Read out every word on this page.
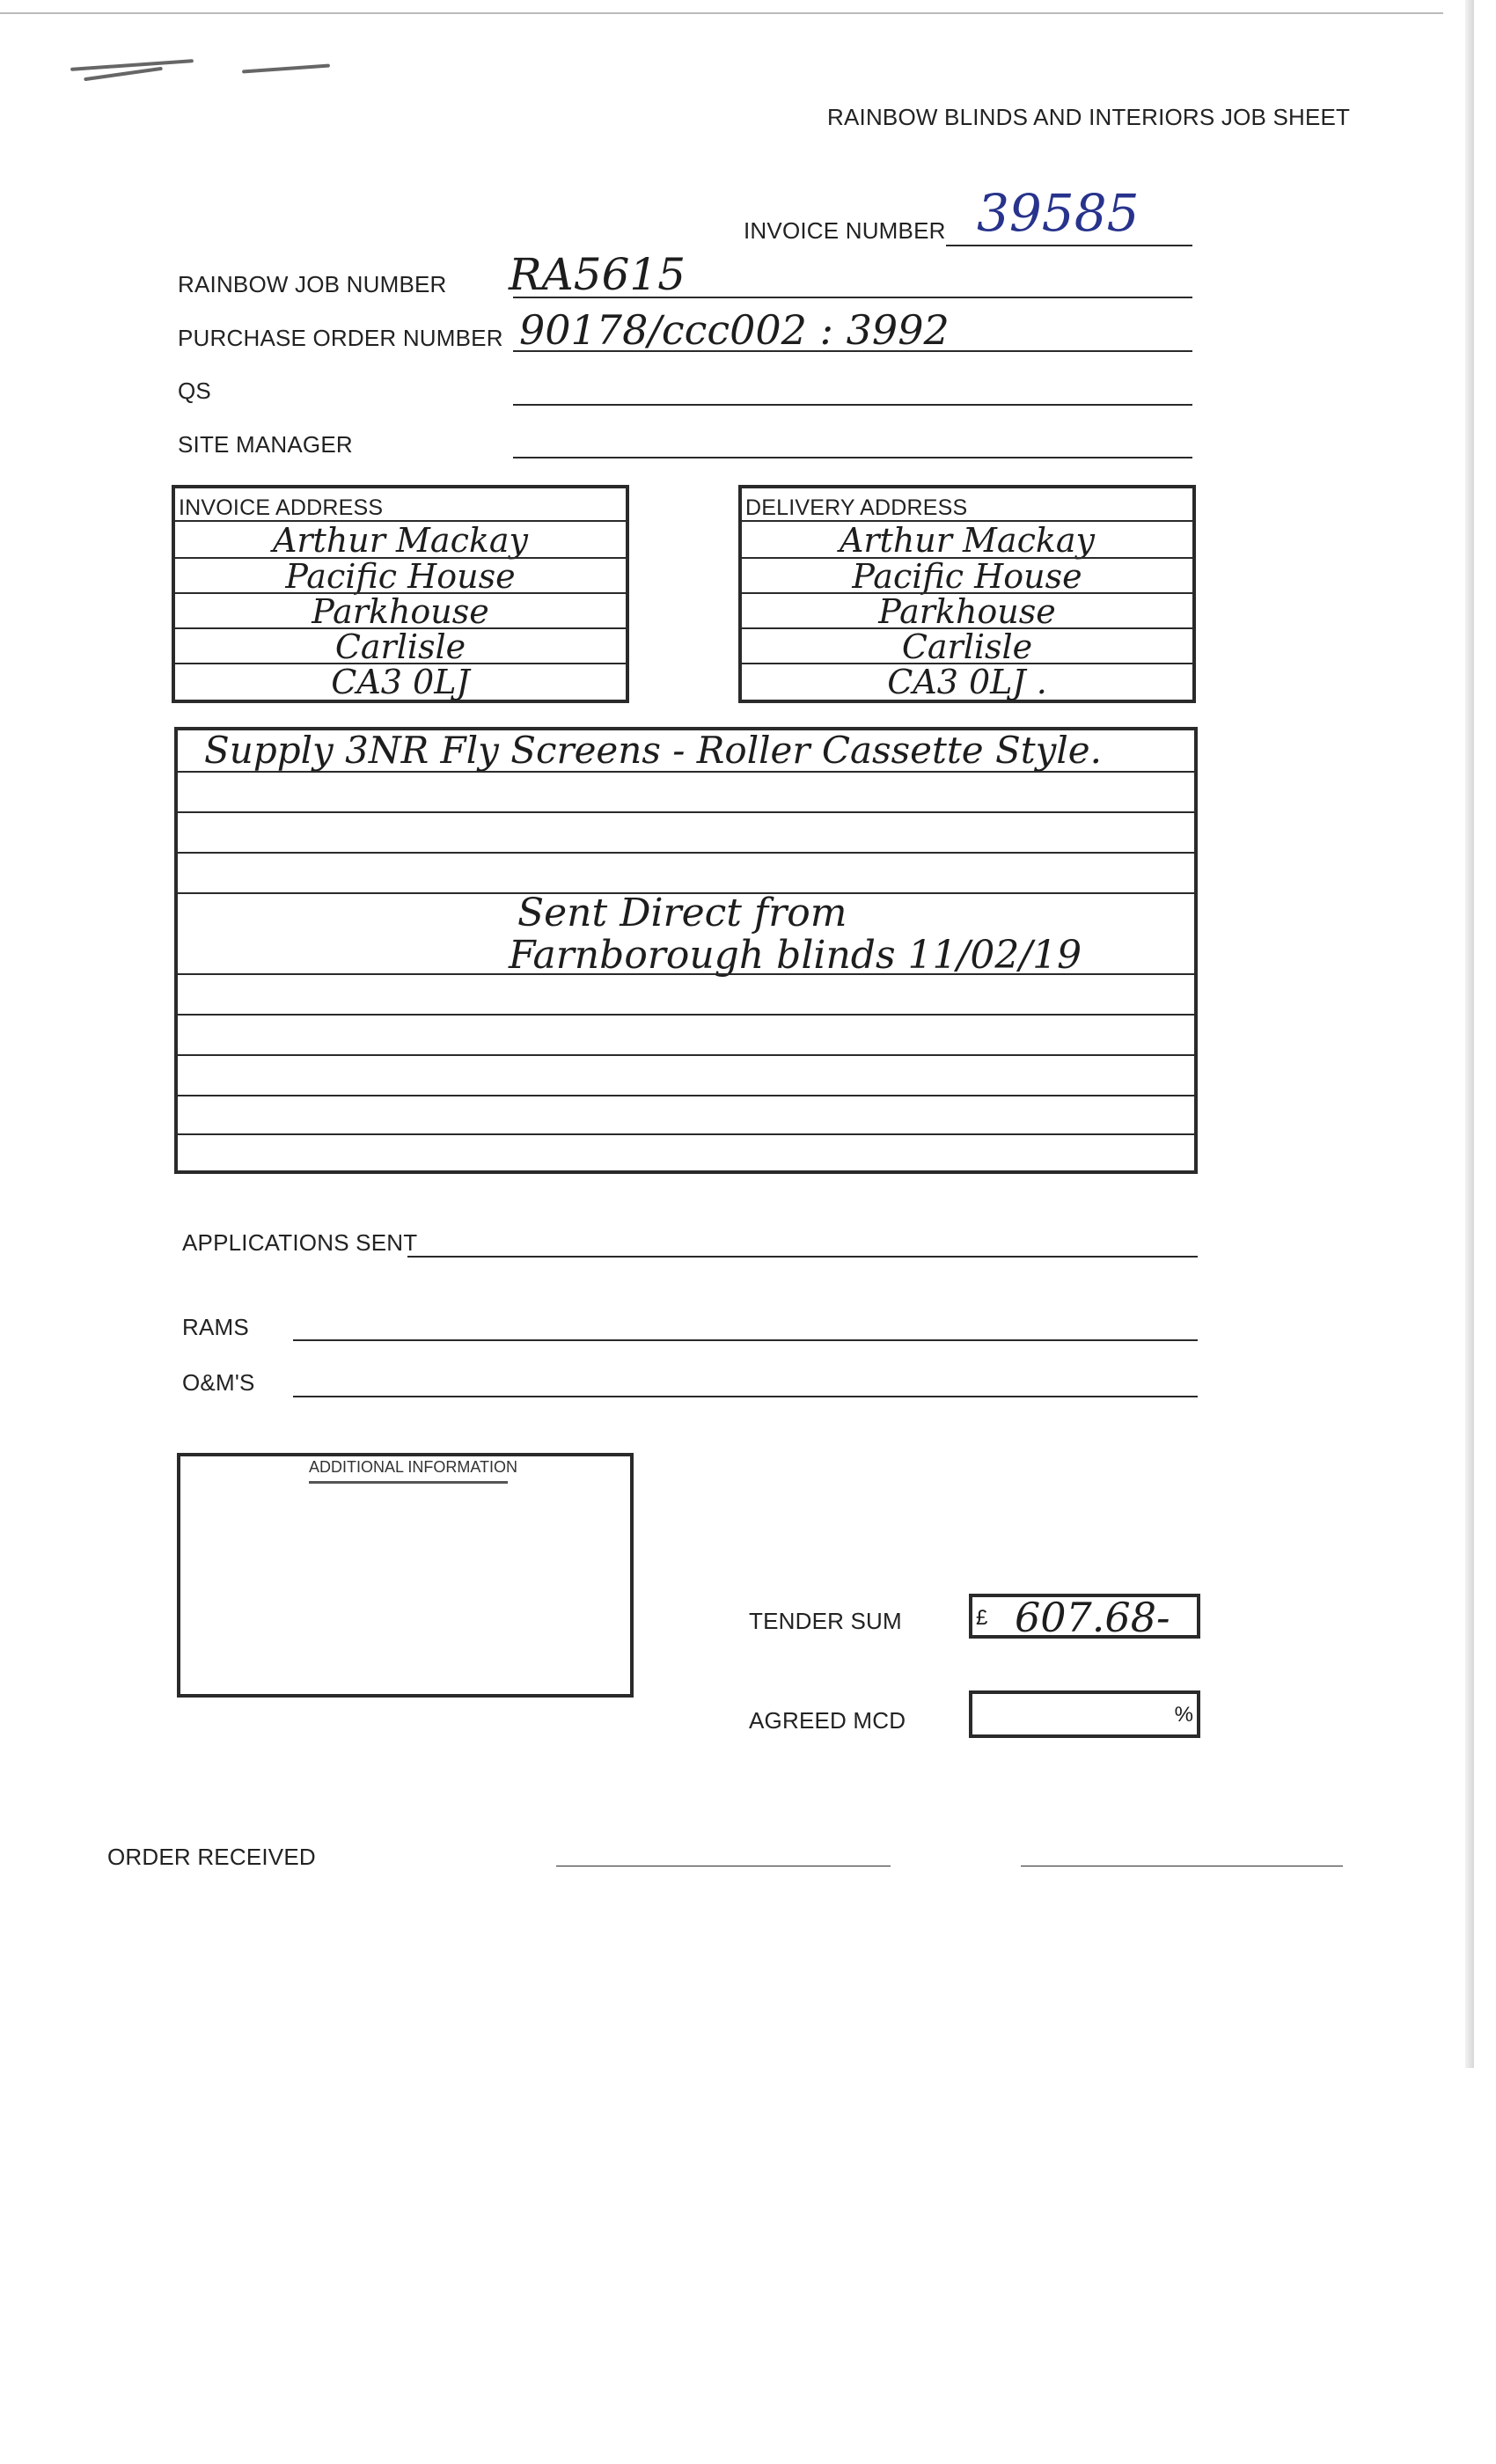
RAINBOW BLINDS AND INTERIORS JOB SHEET
INVOICE NUMBER 39585
RAINBOW JOB NUMBER RA5615
PURCHASE ORDER NUMBER 90178/ccc002 : 3992
QS
SITE MANAGER
INVOICE ADDRESS
Arthur Mackay
Pacific House
Parkhouse
Carlisle
CA3 0LJ
DELIVERY ADDRESS
Arthur Mackay
Pacific House
Parkhouse
Carlisle
CA3 0LJ .
Supply 3NR Fly Screens - Roller Cassette Style.
Sent Direct from
Farnborough blinds 11/02/19
APPLICATIONS SENT
RAMS
O&M'S
ADDITIONAL INFORMATION
TENDER SUM	£ 607.68-
AGREED MCD	%
ORDER RECEIVED
